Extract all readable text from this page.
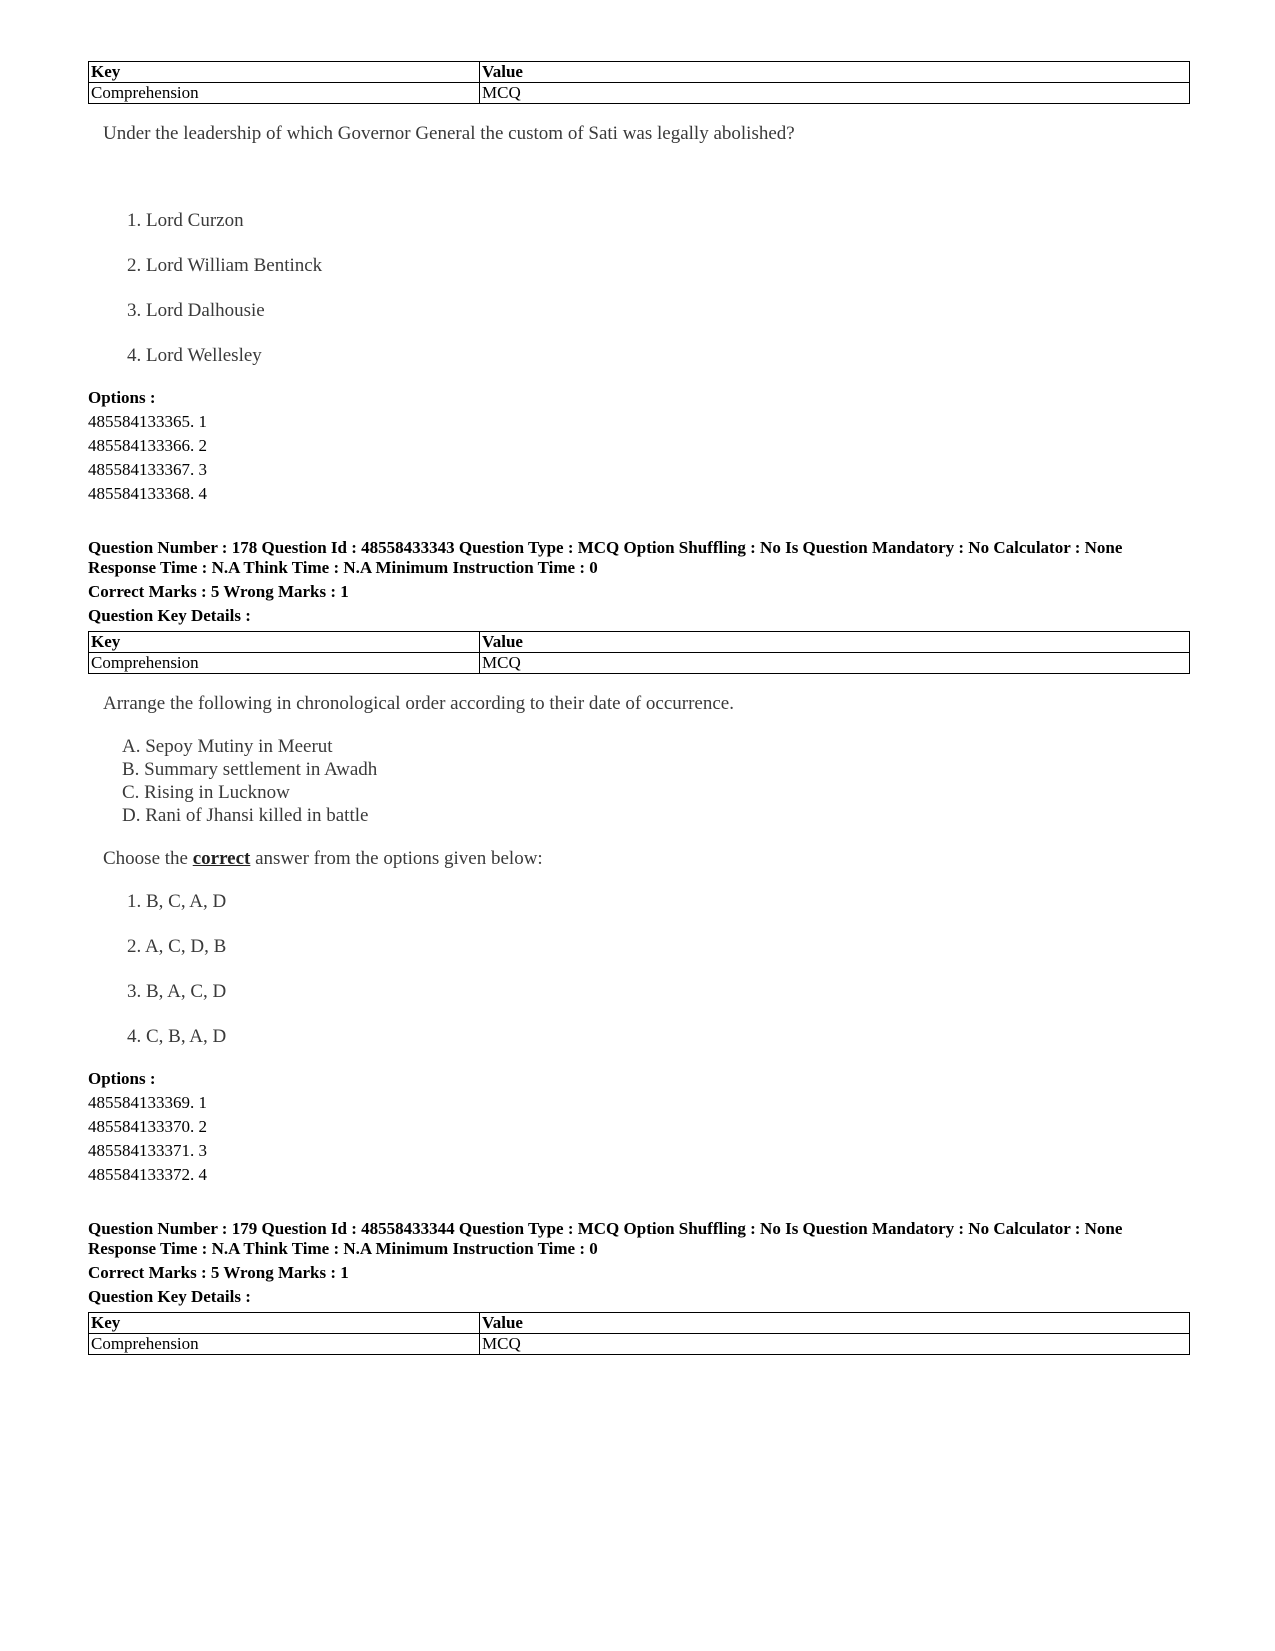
Key	Value
Comprehension	MCQ
Under the leadership of which Governor General the custom of Sati was legally abolished?
1. Lord Curzon
2. Lord William Bentinck
3. Lord Dalhousie
4. Lord Wellesley
Options :
485584133365. 1
485584133366. 2
485584133367. 3
485584133368. 4
Question Number : 178 Question Id : 48558433343 Question Type : MCQ Option Shuffling : No Is Question Mandatory : No Calculator : None
Response Time : N.A Think Time : N.A Minimum Instruction Time : 0
Correct Marks : 5 Wrong Marks : 1
Question Key Details :
Key	Value
Comprehension	MCQ
Arrange the following in chronological order according to their date of occurrence.
A. Sepoy Mutiny in Meerut
B. Summary settlement in Awadh
C. Rising in Lucknow
D. Rani of Jhansi killed in battle
Choose the correct answer from the options given below:
1. B, C, A, D
2. A, C, D, B
3. B, A, C, D
4. C, B, A, D
Options :
485584133369. 1
485584133370. 2
485584133371. 3
485584133372. 4
Question Number : 179 Question Id : 48558433344 Question Type : MCQ Option Shuffling : No Is Question Mandatory : No Calculator : None
Response Time : N.A Think Time : N.A Minimum Instruction Time : 0
Correct Marks : 5 Wrong Marks : 1
Question Key Details :
Key	Value
Comprehension	MCQ
